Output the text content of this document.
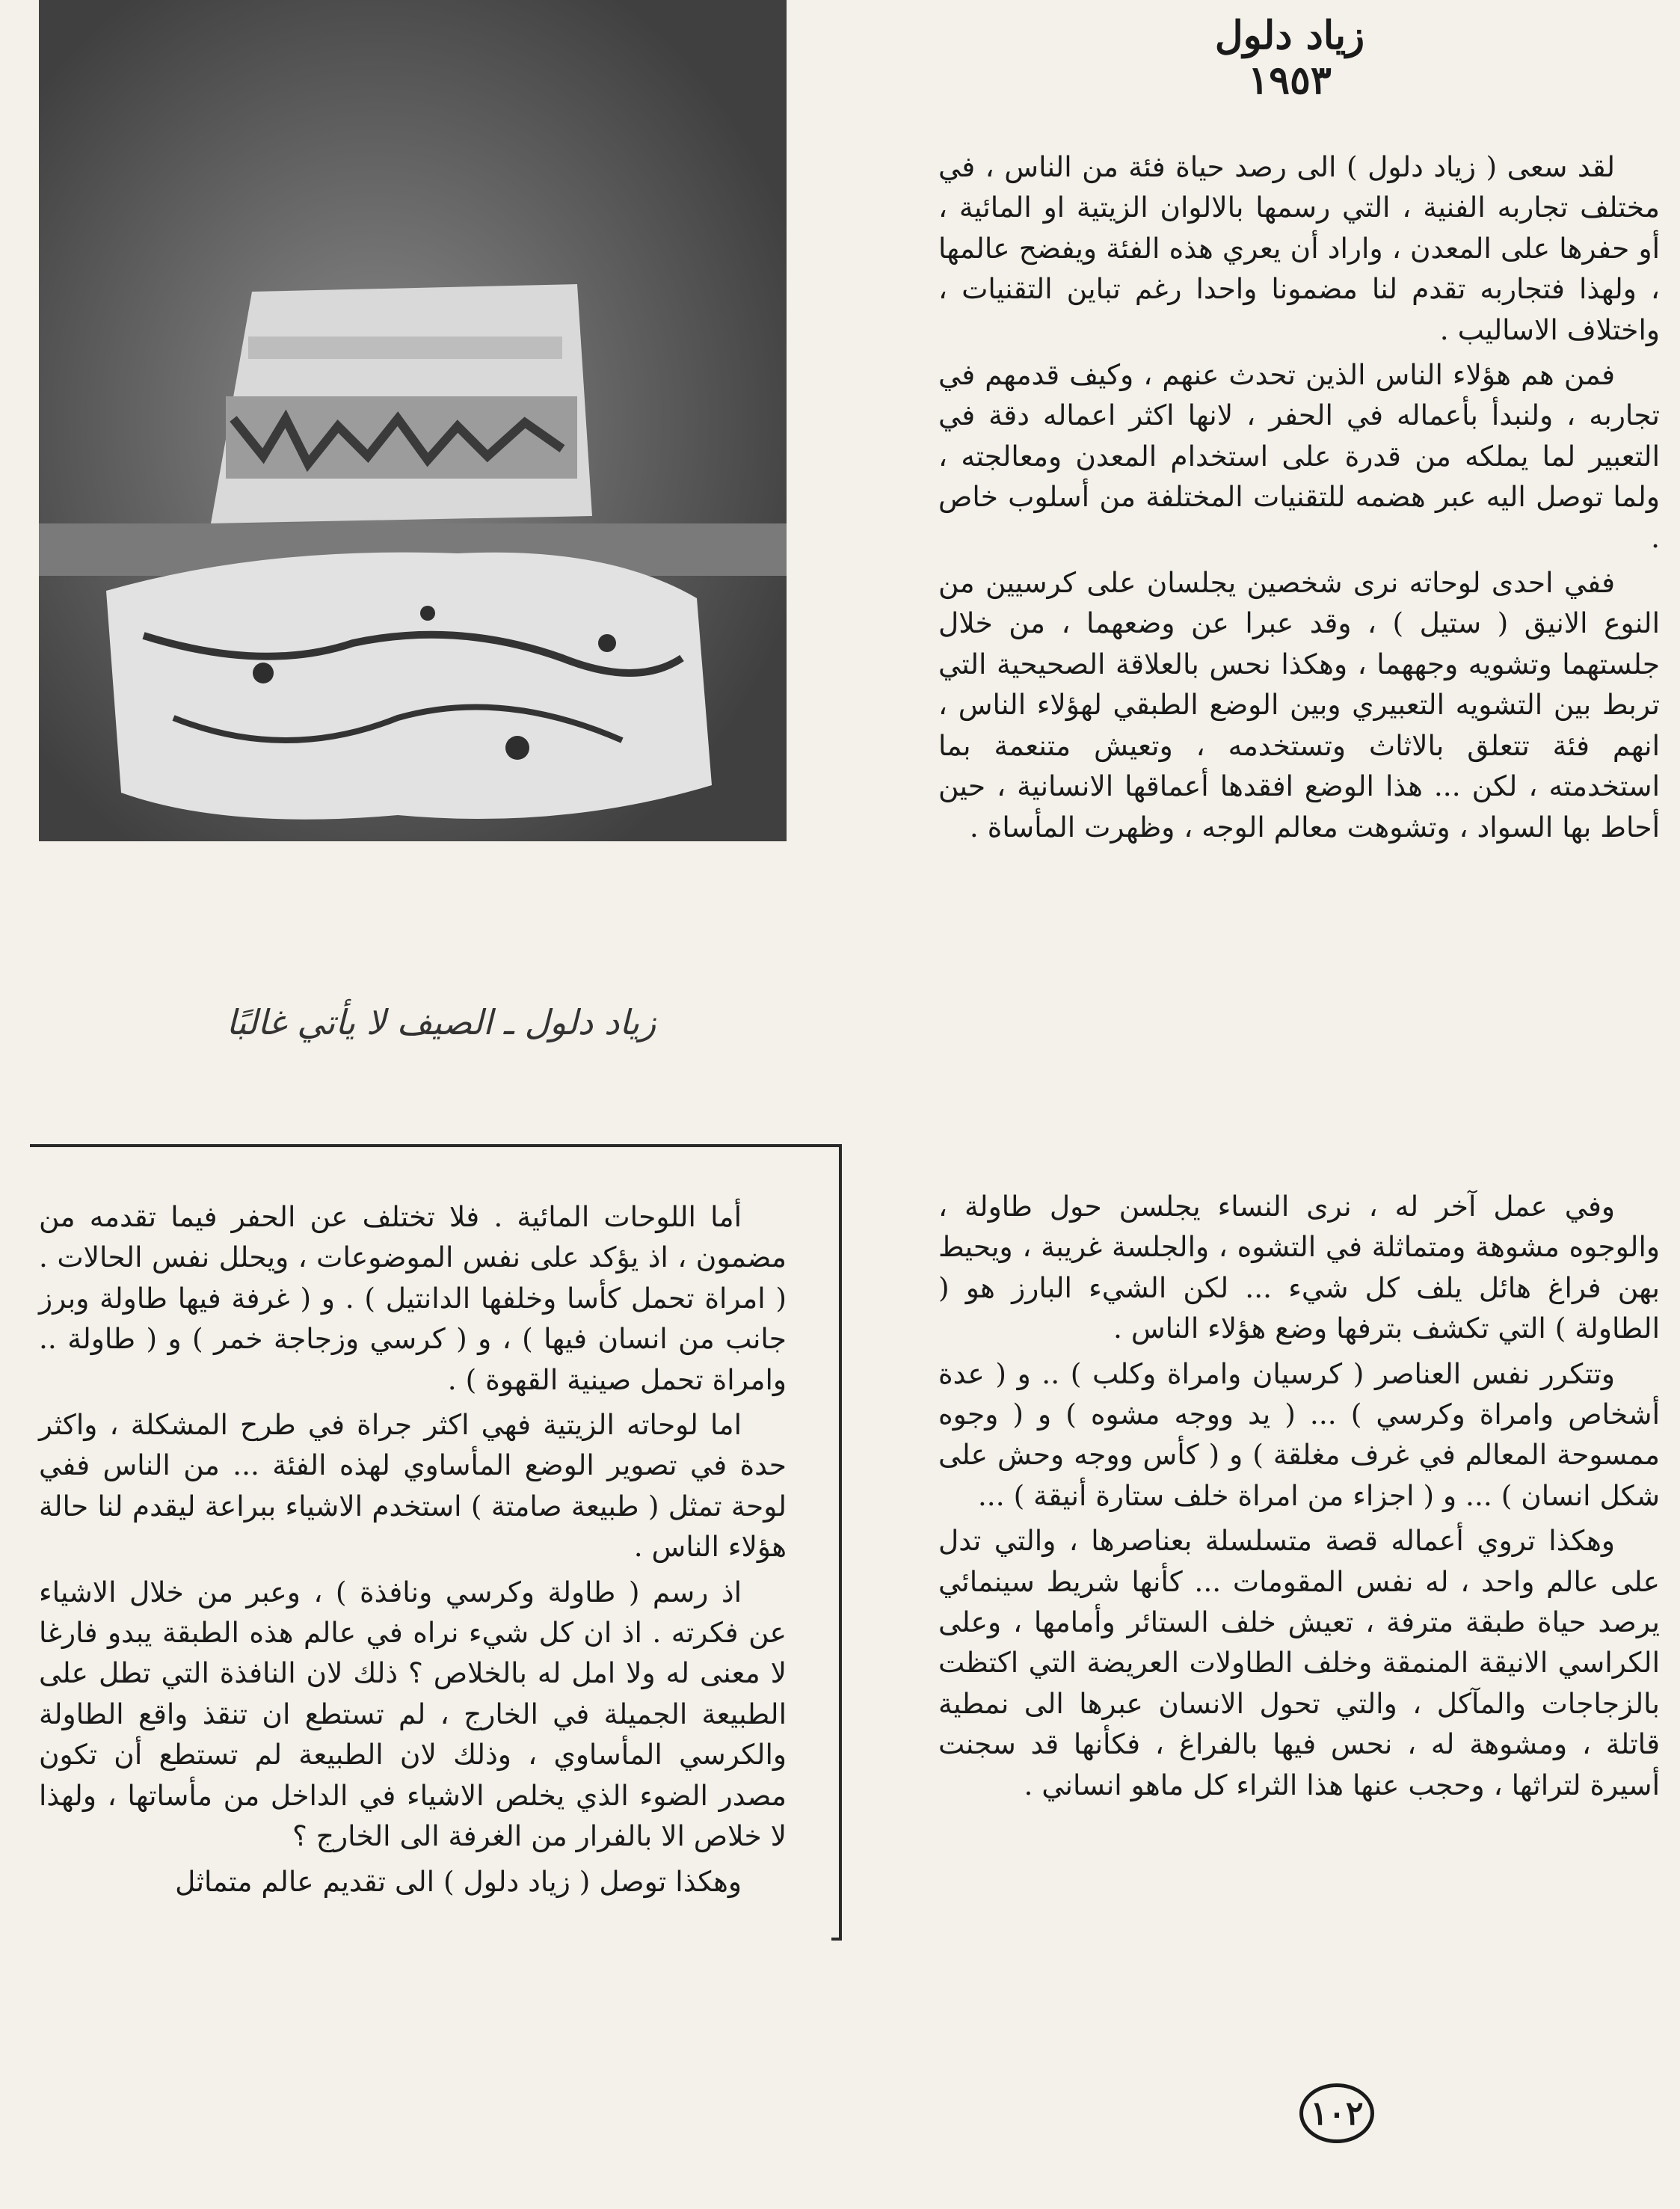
زياد دلول
١٩٥٣
زياد دلول ـ الصيف لا يأتي غالبًا

لقد سعى ( زياد دلول ) الى رصد حياة فئة من الناس ، في مختلف تجاربه الفنية ، التي رسمها بالالوان الزيتية او المائية ، أو حفرها على المعدن ، واراد أن يعري هذه الفئة ويفضح عالمها ، ولهذا فتجاربه تقدم لنا مضمونا واحدا رغم تباين التقنيات ، واختلاف الاساليب .

فمن هم هؤلاء الناس الذين تحدث عنهم ، وكيف قدمهم في تجاربه ، ولنبدأ بأعماله في الحفر ، لانها اكثر اعماله دقة في التعبير لما يملكه من قدرة على استخدام المعدن ومعالجته ، ولما توصل اليه عبر هضمه للتقنيات المختلفة من أسلوب خاص .

ففي احدى لوحاته نرى شخصين يجلسان على كرسيين من النوع الانيق ( ستيل ) ، وقد عبرا عن وضعهما ، من خلال جلستهما وتشويه وجههما ، وهكذا نحس بالعلاقة الصحيحية التي تربط بين التشويه التعبيري وبين الوضع الطبقي لهؤلاء الناس ، انهم فئة تتعلق بالاثاث وتستخدمه ، وتعيش متنعمة بما استخدمته ، لكن ... هذا الوضع افقدها أعماقها الانسانية ، حين أحاط بها السواد ، وتشوهت معالم الوجه ، وظهرت المأساة .

أما اللوحات المائية . فلا تختلف عن الحفر فيما تقدمه من مضمون ، اذ يؤكد على نفس الموضوعات ، ويحلل نفس الحالات . ( امراة تحمل كأسا وخلفها الدانتيل ) . و ( غرفة فيها طاولة وبرز جانب من انسان فيها ) ، و ( كرسي وزجاجة خمر ) و ( طاولة .. وامراة تحمل صينية القهوة ) .

اما لوحاته الزيتية فهي اكثر جراة في طرح المشكلة ، واكثر حدة في تصوير الوضع المأساوي لهذه الفئة ... من الناس ففي لوحة تمثل ( طبيعة صامتة ) استخدم الاشياء ببراعة ليقدم لنا حالة هؤلاء الناس .

اذ رسم ( طاولة وكرسي ونافذة ) ، وعبر من خلال الاشياء عن فكرته . اذ ان كل شيء نراه في عالم هذه الطبقة يبدو فارغا لا معنى له ولا امل له بالخلاص ؟ ذلك لان النافذة التي تطل على الطبيعة الجميلة في الخارج ، لم تستطع ان تنقذ واقع الطاولة والكرسي المأساوي ، وذلك لان الطبيعة لم تستطع أن تكون مصدر الضوء الذي يخلص الاشياء في الداخل من مأساتها ، ولهذا لا خلاص الا بالفرار من الغرفة الى الخارج ؟

وهكذا توصل ( زياد دلول ) الى تقديم عالم متماثل

وفي عمل آخر له ، نرى النساء يجلسن حول طاولة ، والوجوه مشوهة ومتماثلة في التشوه ، والجلسة غريبة ، ويحيط بهن فراغ هائل يلف كل شيء ... لكن الشيء البارز هو ( الطاولة ) التي تكشف بترفها وضع هؤلاء الناس .

وتتكرر نفس العناصر ( كرسيان وامراة وكلب ) .. و ( عدة أشخاص وامراة وكرسي ) ... ( يد ووجه مشوه ) و ( وجوه ممسوحة المعالم في غرف مغلقة ) و ( كأس ووجه وحش على شكل انسان ) ... و ( اجزاء من امراة خلف ستارة أنيقة ) ...

وهكذا تروي أعماله قصة متسلسلة بعناصرها ، والتي تدل على عالم واحد ، له نفس المقومات ... كأنها شريط سينمائي يرصد حياة طبقة مترفة ، تعيش خلف الستائر وأمامها ، وعلى الكراسي الانيقة المنمقة وخلف الطاولات العريضة التي اكتظت بالزجاجات والمآكل ، والتي تحول الانسان عبرها الى نمطية قاتلة ، ومشوهة له ، نحس فيها بالفراغ ، فكأنها قد سجنت أسيرة لتراثها ، وحجب عنها هذا الثراء كل ماهو انساني .

١٠٢
